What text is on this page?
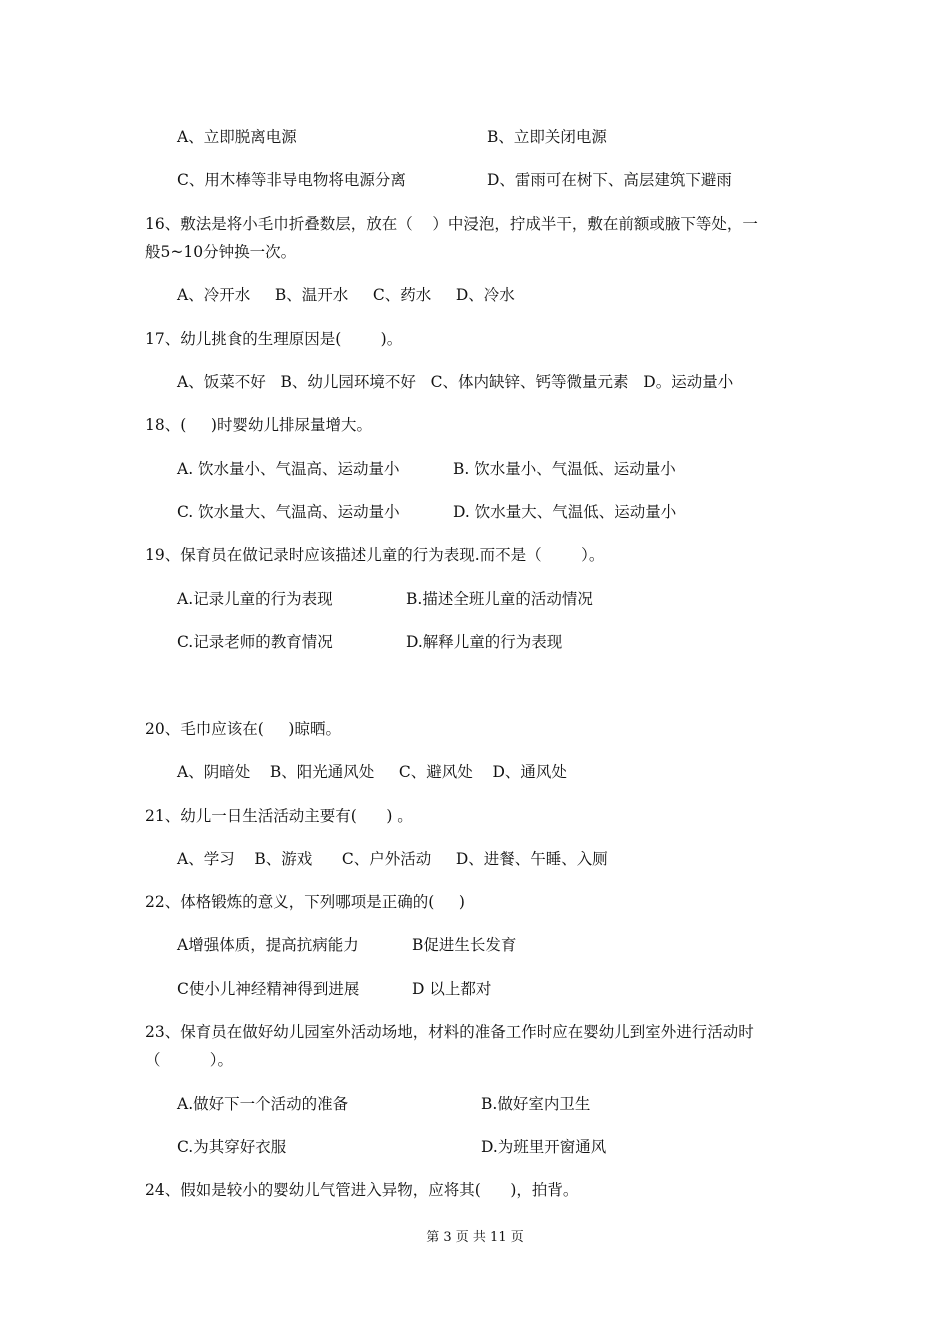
A、立即脱离电源	B、立即关闭电源
C、用木棒等非导电物将电源分离	D、雷雨可在树下、高层建筑下避雨
16、敷法是将小毛巾折叠数层，放在（    ）中浸泡，拧成半干，敷在前额或腋下等处，一
般5~10分钟换一次。
A、冷开水     B、温开水     C、药水     D、冷水
17、幼儿挑食的生理原因是(        )。
A、饭菜不好   B、幼儿园环境不好   C、体内缺锌、钙等微量元素   D。运动量小
18、(     )时婴幼儿排尿量增大。
A. 饮水量小、气温高、运动量小	B. 饮水量小、气温低、运动量小
C. 饮水量大、气温高、运动量小	D. 饮水量大、气温低、运动量小
19、保育员在做记录时应该描述儿童的行为表现.而不是（        ）。
A.记录儿童的行为表现	B.描述全班儿童的活动情况
C.记录老师的教育情况	D.解释儿童的行为表现
20、毛巾应该在(     )晾晒。
A、阴暗处    B、阳光通风处     C、避风处    D、通风处
21、幼儿一日生活活动主要有(      ) 。
A、学习    B、游戏      C、户外活动     D、进餐、午睡、入厕
22、体格锻炼的意义，下列哪项是正确的(     )
A增强体质，提高抗病能力	B促进生长发育
C使小儿神经精神得到进展	D 以上都对
23、保育员在做好幼儿园室外活动场地，材料的准备工作时应在婴幼儿到室外进行活动时
（          ）。
A.做好下一个活动的准备	B.做好室内卫生
C.为其穿好衣服	D.为班里开窗通风
24、假如是较小的婴幼儿气管进入异物，应将其(      )，拍背。
第 3 页 共 11 页
